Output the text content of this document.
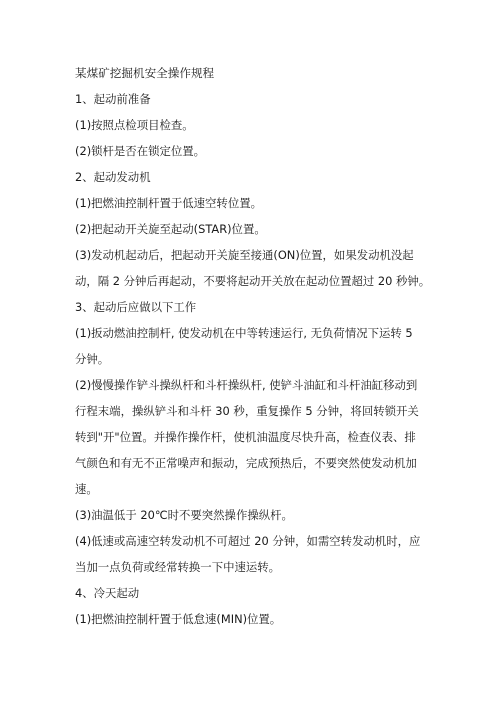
某煤矿挖掘机安全操作规程

1、起动前准备

(1)按照点检项目检查。

(2)锁杆是否在锁定位置。

2、起动发动机

(1)把燃油控制杆置于低速空转位置。

(2)把起动开关旋至起动(STAR)位置。

(3)发动机起动后，把起动开关旋至接通(ON)位置，如果发动机没起

动，隔 2 分钟后再起动，不要将起动开关放在起动位置超过 20 秒钟。

3、起动后应做以下工作

(1)扳动燃油控制杆, 使发动机在中等转速运行, 无负荷情况下运转 5

分钟。

(2)慢慢操作铲斗操纵杆和斗杆操纵杆, 使铲斗油缸和斗杆油缸移动到

行程末端，操纵铲斗和斗杆 30 秒，重复操作 5 分钟，将回转锁开关

转到"开"位置。并操作操作杆，使机油温度尽快升高，检查仪表、排

气颜色和有无不正常噪声和振动，完成预热后，不要突然使发动机加

速。

(3)油温低于 20℃时不要突然操作操纵杆。

(4)低速或高速空转发动机不可超过 20 分钟，如需空转发动机时，应

当加一点负荷或经常转换一下中速运转。

4、冷天起动

(1)把燃油控制杆置于低怠速(MIN)位置。
